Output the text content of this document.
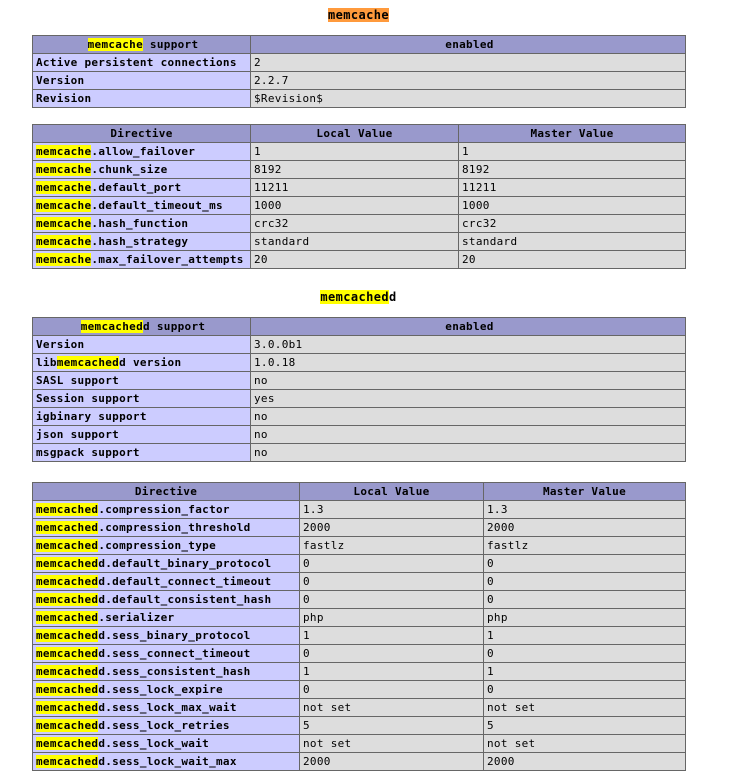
memcache
memcache support	enabled
Active persistent connections	2
Version	2.2.7
Revision	$Revision$
Directive	Local Value	Master Value
memcache.allow_failover	1	1
memcache.chunk_size	8192	8192
memcache.default_port	11211	11211
memcache.default_timeout_ms	1000	1000
memcache.hash_function	crc32	crc32
memcache.hash_strategy	standard	standard
memcache.max_failover_attempts	20	20
memcachedd
memcachedd support	enabled
Version	3.0.0b1
libmemcachedd version	1.0.18
SASL support	no
Session support	yes
igbinary support	no
json support	no
msgpack support	no
Directive	Local Value	Master Value
memcached.compression_factor	1.3	1.3
memcached.compression_threshold	2000	2000
memcached.compression_type	fastlz	fastlz
memcachedd.default_binary_protocol	0	0
memcachedd.default_connect_timeout	0	0
memcachedd.default_consistent_hash	0	0
memcached.serializer	php	php
memcachedd.sess_binary_protocol	1	1
memcachedd.sess_connect_timeout	0	0
memcachedd.sess_consistent_hash	1	1
memcachedd.sess_lock_expire	0	0
memcachedd.sess_lock_max_wait	not set	not set
memcachedd.sess_lock_retries	5	5
memcachedd.sess_lock_wait	not set	not set
memcachedd.sess_lock_wait_max	2000	2000
